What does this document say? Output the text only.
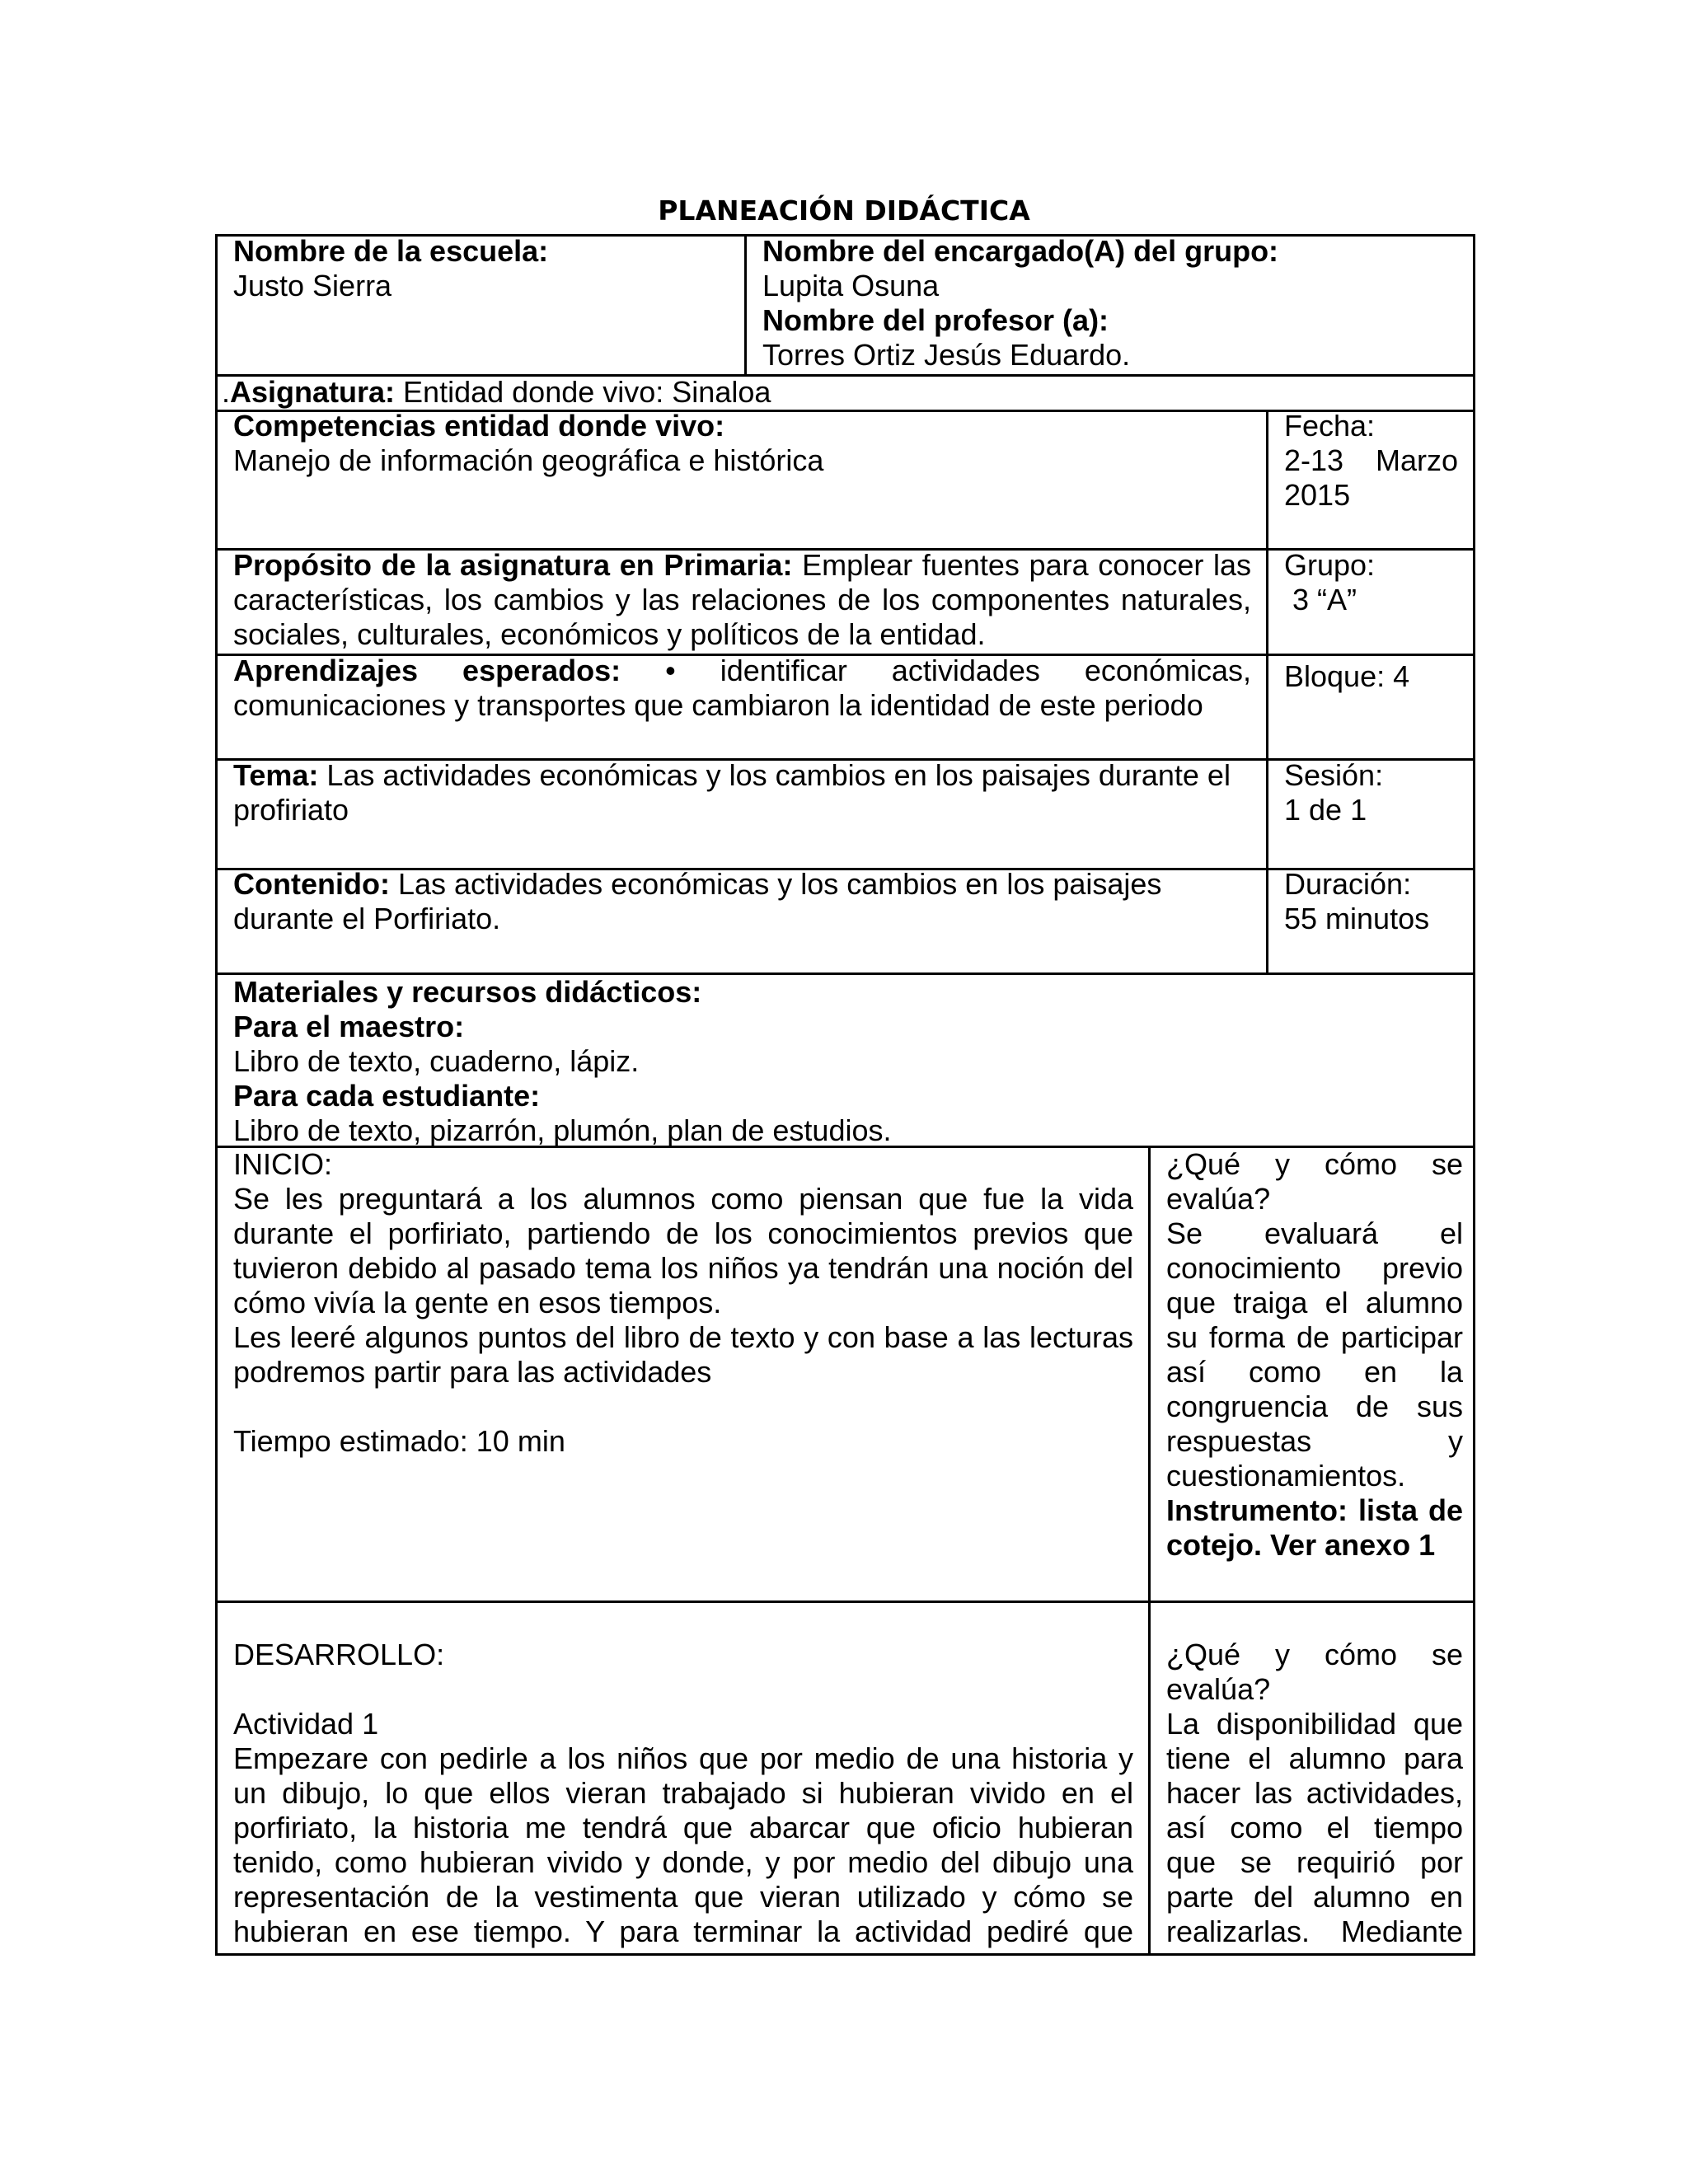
PLANEACIÓN DIDÁCTICA
Nombre de la escuela:
Justo Sierra
Nombre del encargado(A) del grupo:
Lupita Osuna
Nombre del profesor (a):
Torres Ortiz Jesús Eduardo.
.Asignatura: Entidad donde vivo: Sinaloa
Competencias entidad donde vivo:
Manejo de información geográfica e histórica
Fecha:
2-13 Marzo
2015
Propósito de la asignatura en Primaria: Emplear fuentes para conocer las características, los cambios y las relaciones de los componentes naturales, sociales, culturales, económicos y políticos de la entidad.
Grupo:
3 “A”
Aprendizajes esperados: • identificar actividades económicas, comunicaciones y transportes que cambiaron la identidad de este periodo
Bloque: 4
Tema: Las actividades económicas y los cambios en los paisajes durante el profiriato
Sesión:
1 de 1
Contenido: Las actividades económicas y los cambios en los paisajes
durante el Porfiriato.
Duración:
55 minutos
Materiales y recursos didácticos:
Para el maestro:
Libro de texto, cuaderno, lápiz.
Para cada estudiante:
Libro de texto, pizarrón, plumón, plan de estudios.
INICIO:
Se les preguntará a los alumnos como piensan que fue la vida durante el porfiriato, partiendo de los conocimientos previos que tuvieron debido al pasado tema los niños ya tendrán una noción del cómo vivía la gente en esos tiempos.
Les leeré algunos puntos del libro de texto y con base a las lecturas podremos partir para las actividades
Tiempo estimado: 10 min
¿Qué y cómo se evalúa?
Se evaluará el conocimiento previo que traiga el alumno su forma de participar así como en la congruencia de sus respuestas y cuestionamientos.
Instrumento: lista de cotejo. Ver anexo 1
DESARROLLO:
Actividad 1
Empezare con pedirle a los niños que por medio de una historia y un dibujo, lo que ellos vieran trabajado si hubieran vivido en el porfiriato, la historia me tendrá que abarcar que oficio hubieran tenido, como hubieran vivido y donde, y por medio del dibujo una representación de la vestimenta que vieran utilizado y cómo se hubieran en ese tiempo. Y para terminar la actividad pediré que
¿Qué y cómo se evalúa?
La disponibilidad que tiene el alumno para hacer las actividades, así como el tiempo que se requirió por parte del alumno en realizarlas. Mediante
